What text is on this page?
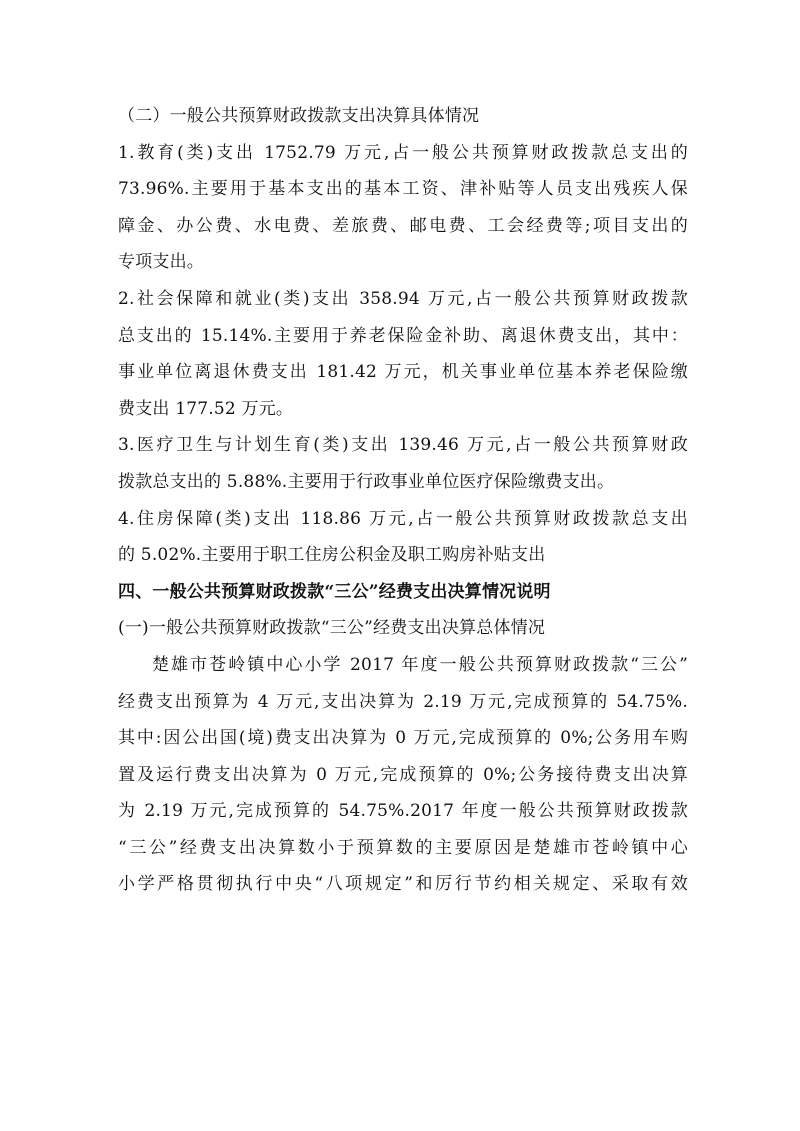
（二）一般公共预算财政拨款支出决算具体情况
1.教育(类)支出 1752.79 万元,占一般公共预算财政拨款总支出的
73.96%.主要用于基本支出的基本工资、津补贴等人员支出残疾人保
障金、办公费、水电费、差旅费、邮电费、工会经费等;项目支出的
专项支出。
2.社会保障和就业(类)支出 358.94 万元,占一般公共预算财政拨款
总支出的 15.14%.主要用于养老保险金补助、离退休费支出，其中：
事业单位离退休费支出 181.42 万元，机关事业单位基本养老保险缴
费支出 177.52 万元。
3.医疗卫生与计划生育(类)支出 139.46 万元,占一般公共预算财政
拨款总支出的 5.88%.主要用于行政事业单位医疗保险缴费支出。
4.住房保障(类)支出 118.86 万元,占一般公共预算财政拨款总支出
的 5.02%.主要用于职工住房公积金及职工购房补贴支出
四、一般公共预算财政拨款“三公”经费支出决算情况说明
(一)一般公共预算财政拨款“三公”经费支出决算总体情况
楚雄市苍岭镇中心小学 2017 年度一般公共预算财政拨款“三公”
经费支出预算为 4 万元,支出决算为 2.19 万元,完成预算的 54.75%.
其中:因公出国(境)费支出决算为 0 万元,完成预算的 0%;公务用车购
置及运行费支出决算为 0 万元,完成预算的 0%;公务接待费支出决算
为 2.19 万元,完成预算的 54.75%.2017 年度一般公共预算财政拨款
“三公”经费支出决算数小于预算数的主要原因是楚雄市苍岭镇中心
小学严格贯彻执行中央“八项规定”和厉行节约相关规定、采取有效
